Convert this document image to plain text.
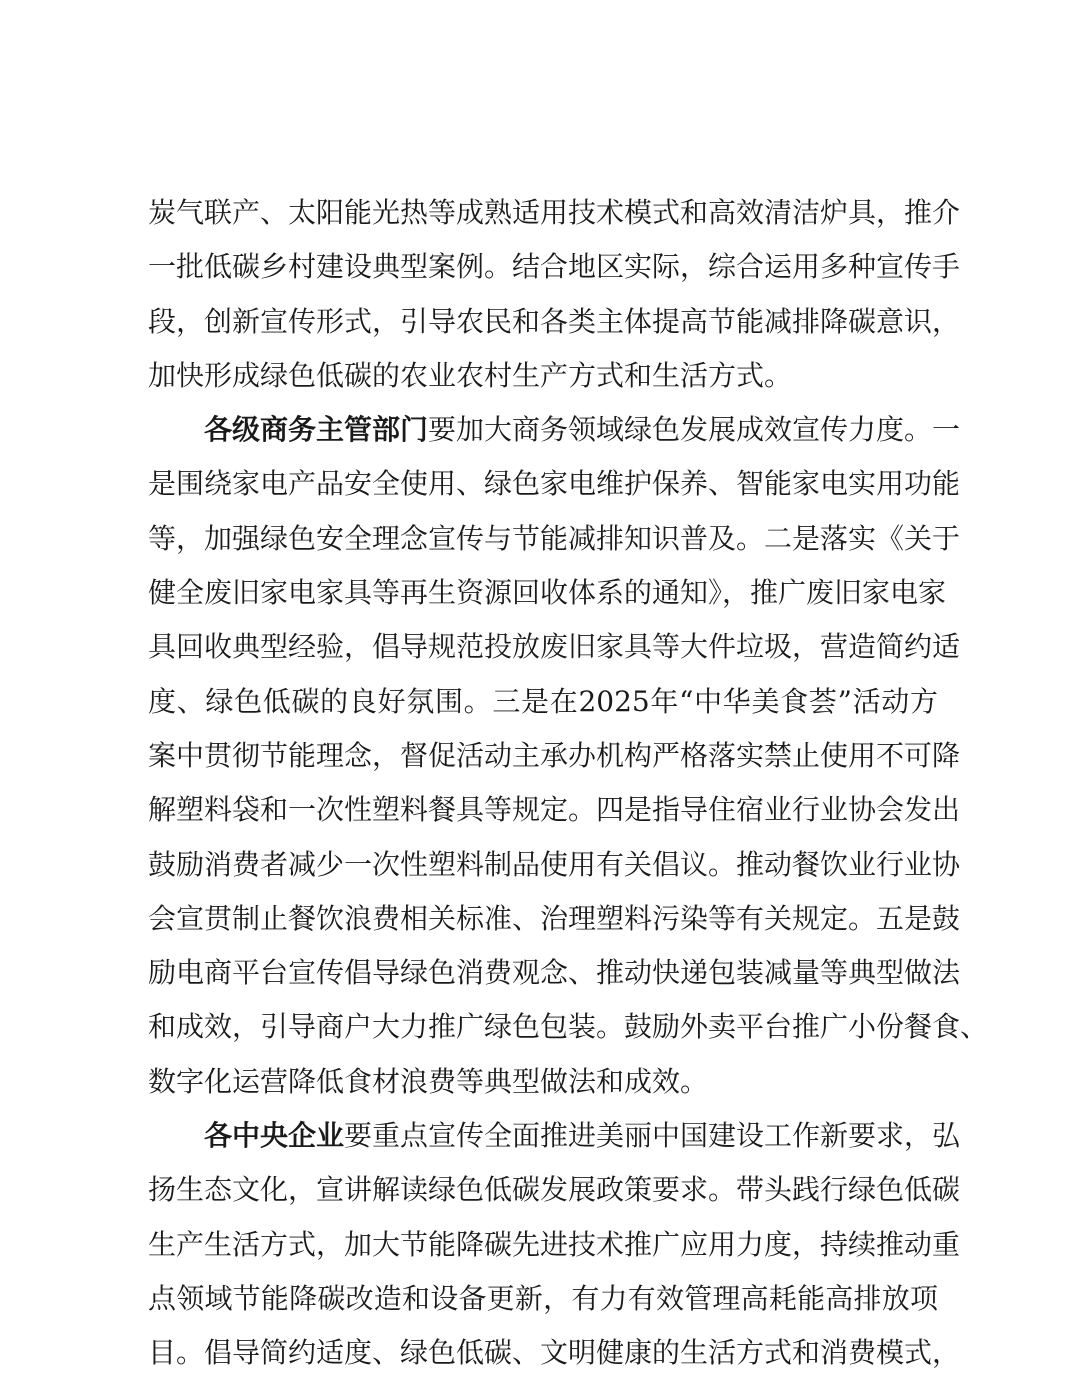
炭气联产、太阳能光热等成熟适用技术模式和高效清洁炉具，推介
一批低碳乡村建设典型案例。结合地区实际，综合运用多种宣传手
段，创新宣传形式，引导农民和各类主体提高节能减排降碳意识，
加快形成绿色低碳的农业农村生产方式和生活方式。
各级商务主管部门要加大商务领域绿色发展成效宣传力度。一
是围绕家电产品安全使用、绿色家电维护保养、智能家电实用功能
等，加强绿色安全理念宣传与节能减排知识普及。二是落实《关于
健全废旧家电家具等再生资源回收体系的通知》，推广废旧家电家
具回收典型经验，倡导规范投放废旧家具等大件垃圾，营造简约适
度、绿色低碳的良好氛围。三是在2025年“中华美食荟”活动方
案中贯彻节能理念，督促活动主承办机构严格落实禁止使用不可降
解塑料袋和一次性塑料餐具等规定。四是指导住宿业行业协会发出
鼓励消费者减少一次性塑料制品使用有关倡议。推动餐饮业行业协
会宣贯制止餐饮浪费相关标准、治理塑料污染等有关规定。五是鼓
励电商平台宣传倡导绿色消费观念、推动快递包装减量等典型做法
和成效，引导商户大力推广绿色包装。鼓励外卖平台推广小份餐食、
数字化运营降低食材浪费等典型做法和成效。
各中央企业要重点宣传全面推进美丽中国建设工作新要求，弘
扬生态文化，宣讲解读绿色低碳发展政策要求。带头践行绿色低碳
生产生活方式，加大节能降碳先进技术推广应用力度，持续推动重
点领域节能降碳改造和设备更新，有力有效管理高耗能高排放项
目。倡导简约适度、绿色低碳、文明健康的生活方式和消费模式，
